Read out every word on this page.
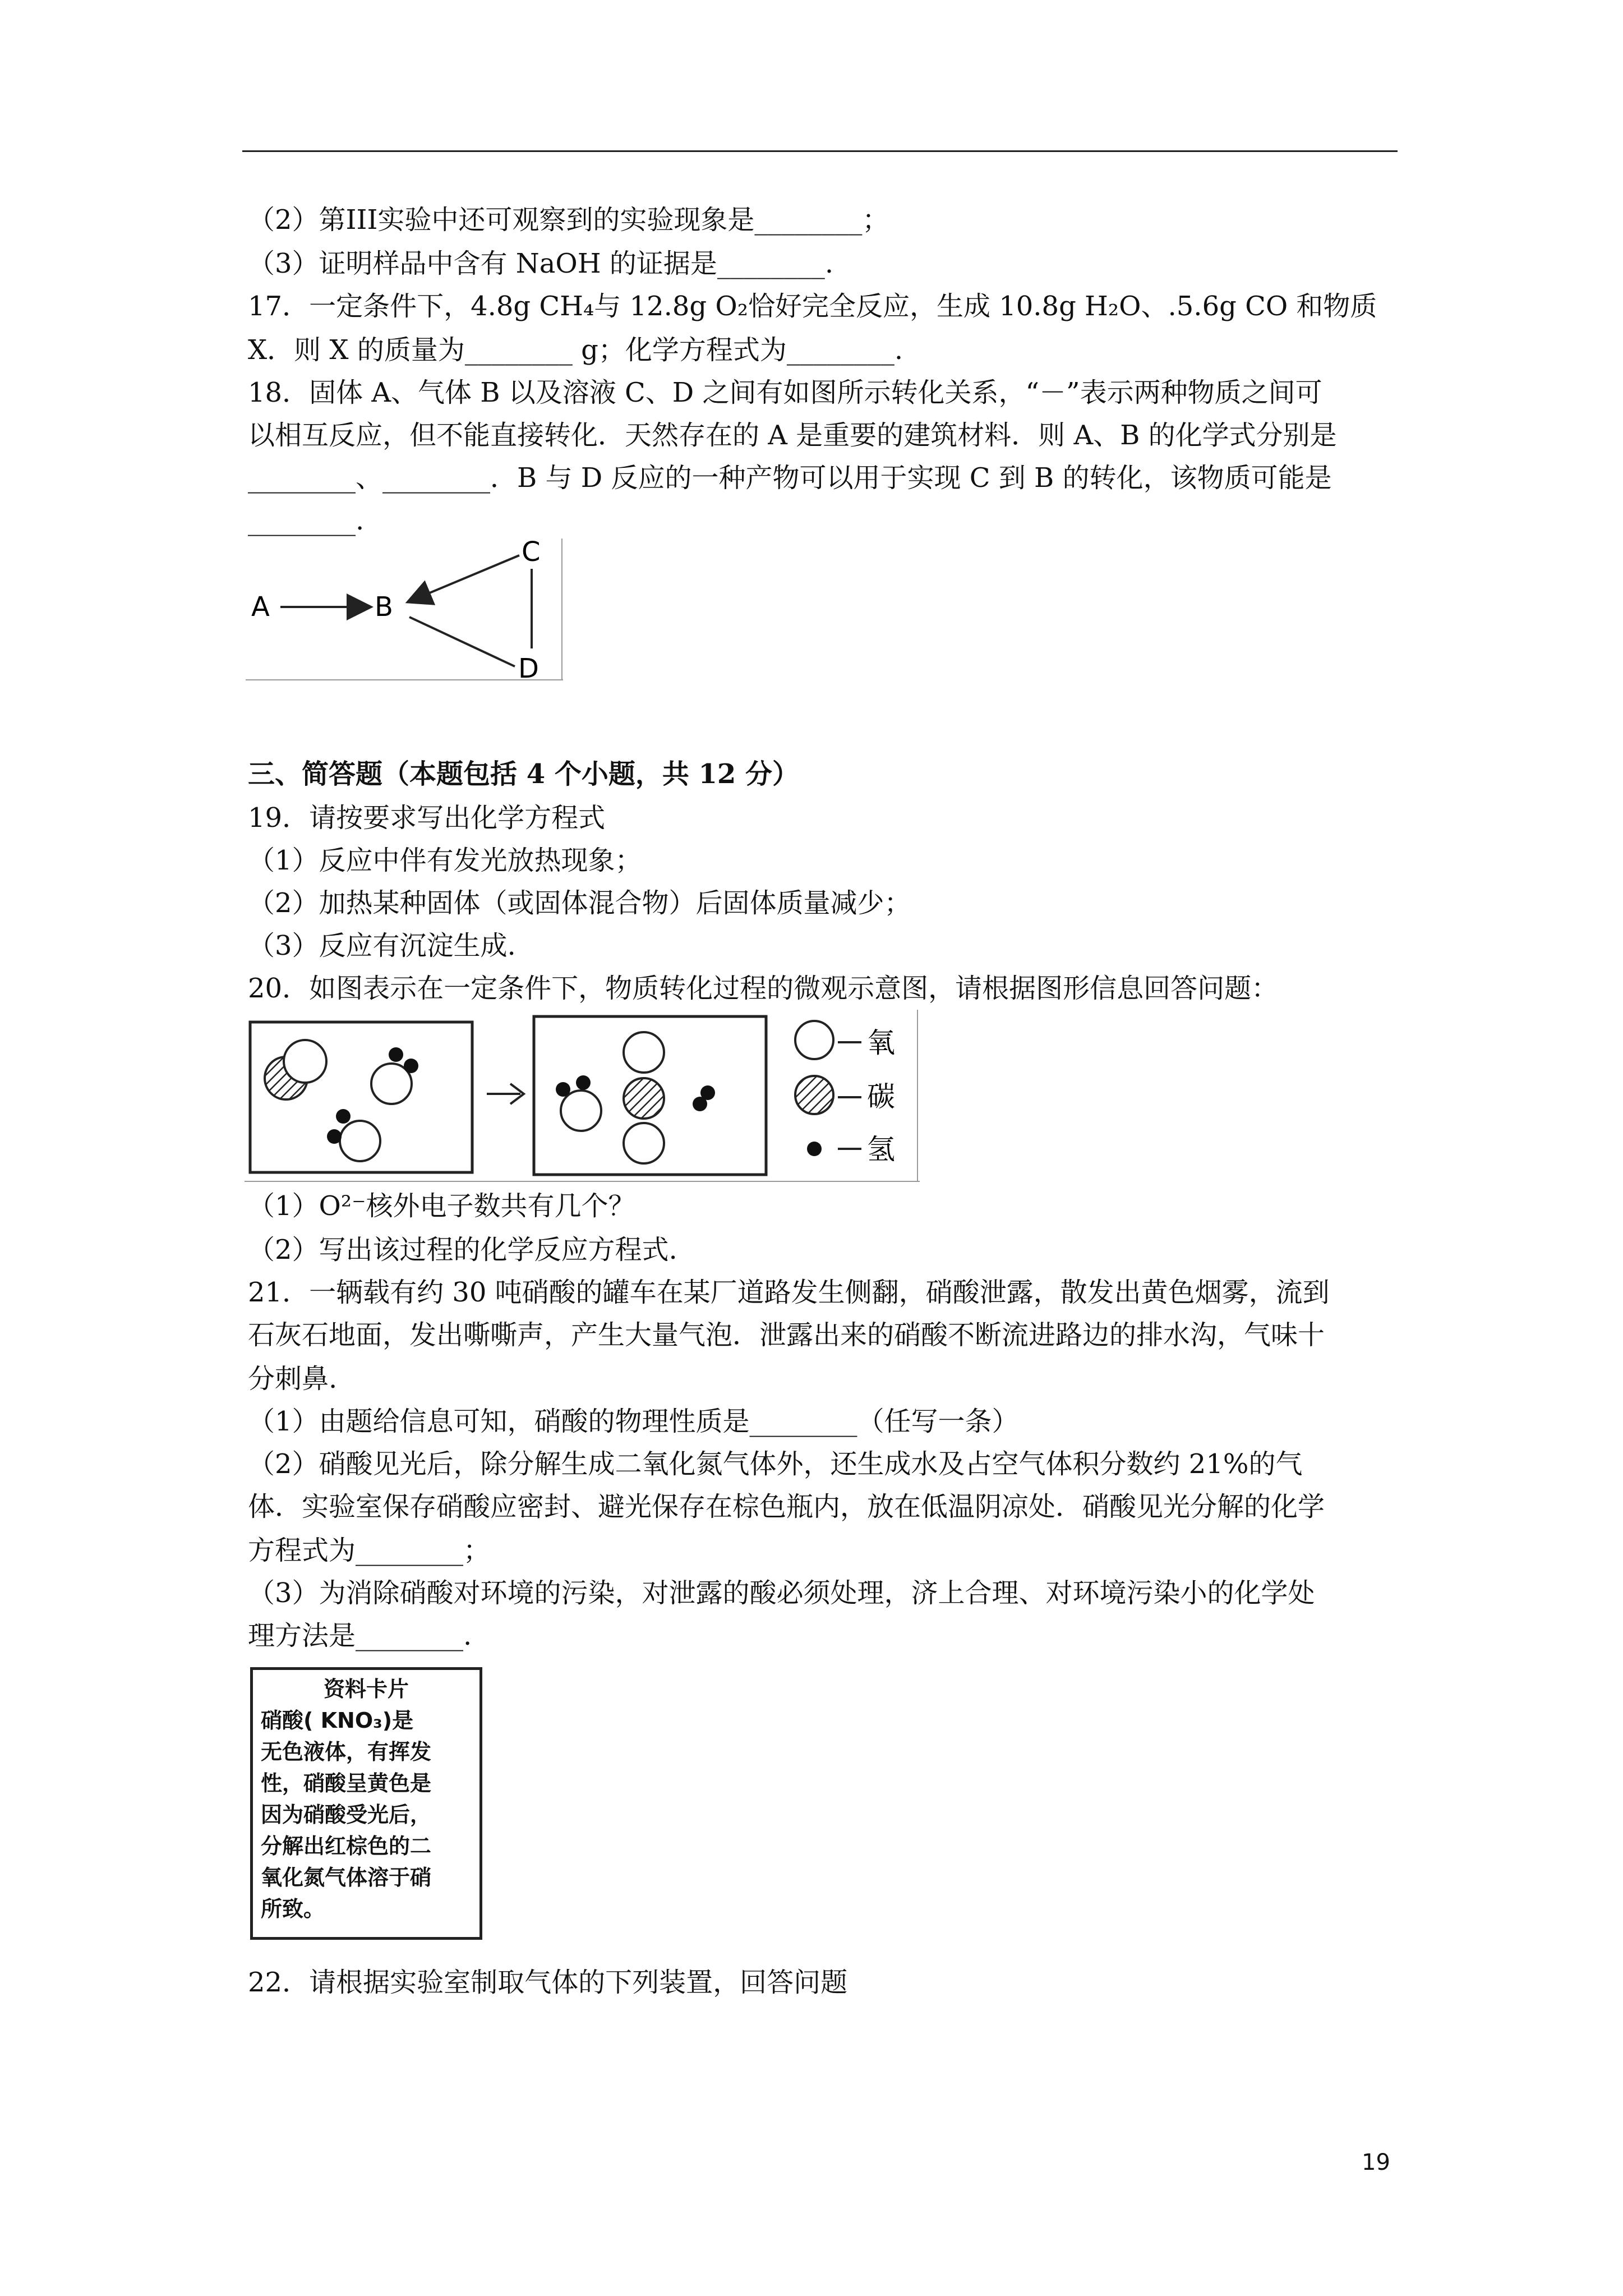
（2）第III实验中还可观察到的实验现象是________；
（3）证明样品中含有 NaOH 的证据是________.
17．一定条件下，4.8g CH₄与 12.8g O₂恰好完全反应，生成 10.8g H₂O、.5.6g CO 和物质
X．则 X 的质量为________ g；化学方程式为________.
18．固体 A、气体 B 以及溶液 C、D 之间有如图所示转化关系，“－”表示两种物质之间可
以相互反应，但不能直接转化．天然存在的 A 是重要的建筑材料．则 A、B 的化学式分别是
________、________．B 与 D 反应的一种产物可以用于实现 C 到 B 的转化，该物质可能是
________.
A	B
C
D
三、简答题（本题包括 4 个小题，共 12 分）
19．请按要求写出化学方程式
（1）反应中伴有发光放热现象；
（2）加热某种固体（或固体混合物）后固体质量减少；
（3）反应有沉淀生成.
20．如图表示在一定条件下，物质转化过程的微观示意图，请根据图形信息回答问题：
氧
碳
氢
（1）O²⁻核外电子数共有几个？
（2）写出该过程的化学反应方程式.
21．一辆载有约 30 吨硝酸的罐车在某厂道路发生侧翻，硝酸泄露，散发出黄色烟雾，流到
石灰石地面，发出嘶嘶声，产生大量气泡．泄露出来的硝酸不断流进路边的排水沟，气味十
分刺鼻.
（1）由题给信息可知，硝酸的物理性质是________（任写一条）
（2）硝酸见光后，除分解生成二氧化氮气体外，还生成水及占空气体积分数约 21%的气
体．实验室保存硝酸应密封、避光保存在棕色瓶内，放在低温阴凉处．硝酸见光分解的化学
方程式为________；
（3）为消除硝酸对环境的污染，对泄露的酸必须处理，济上合理、对环境污染小的化学处
理方法是________.
资料卡片
硝酸( KNO₃)是
无色液体，有挥发
性，硝酸呈黄色是
因为硝酸受光后，
分解出红棕色的二
氧化氮气体溶于硝
所致。
22．请根据实验室制取气体的下列装置，回答问题
19
